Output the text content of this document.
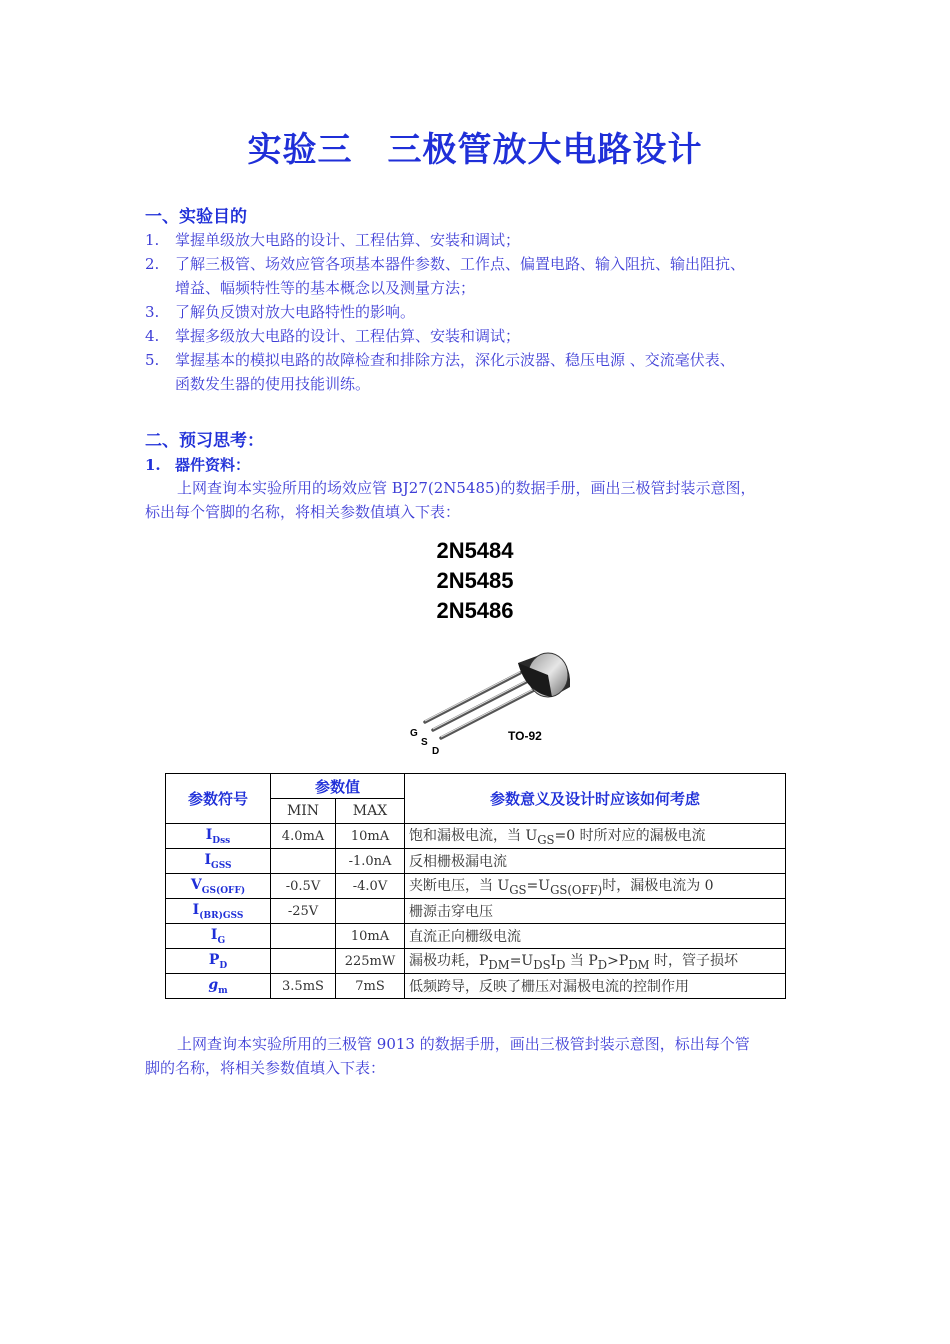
实验三　三极管放大电路设计
一、实验目的
1. 掌握单级放大电路的设计、工程估算、安装和调试；
2. 了解三极管、场效应管各项基本器件参数、工作点、偏置电路、输入阻抗、输出阻抗、
增益、幅频特性等的基本概念以及测量方法；
3. 了解负反馈对放大电路特性的影响。
4. 掌握多级放大电路的设计、工程估算、安装和调试；
5. 掌握基本的模拟电路的故障检查和排除方法，深化示波器、稳压电源 、交流毫伏表、
函数发生器的使用技能训练。
二、预习思考：
1. 器件资料：
上网查询本实验所用的场效应管 BJ27(2N5485)的数据手册，画出三极管封装示意图，
标出每个管脚的名称，将相关参数值填入下表：
2N5484
2N5485
2N5486
G
S
D
TO-92
参数符号	参数值		参数意义及设计时应该如何考虑
	MIN	MAX	
$I_{Dss}$	4.0mA	10mA	饱和漏极电流，当 $U_{GS}=0$ 时所对应的漏极电流
$I_{GSS}$		-1.0nA	反相栅极漏电流
$V_{GS(OFF)}$	-0.5V	-4.0V	夹断电压，当 $U_{GS}=U_{GS(OFF)}$时，漏极电流为 0
$I_{(BR)GSS}$	-25V		栅源击穿电压
$I_G$		10mA	直流正向栅级电流
$P_D$		225mW	漏极功耗，$P_{DM}=U_{DS}I_D$ 当 $P_D>P_{DM}$ 时，管子损坏
$g_m$	3.5mS	7mS	低频跨导，反映了栅压对漏极电流的控制作用
上网查询本实验所用的三极管 9013 的数据手册，画出三极管封装示意图，标出每个管
脚的名称，将相关参数值填入下表：
